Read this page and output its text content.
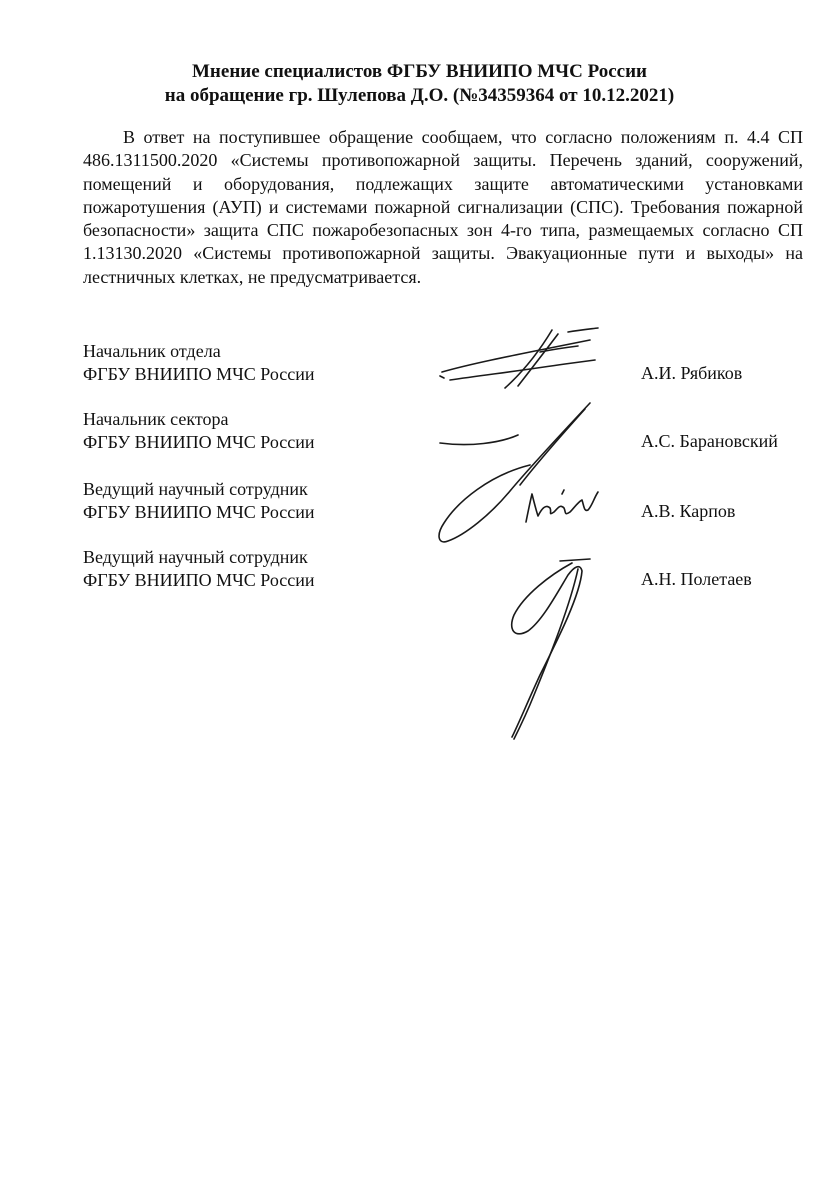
Мнение специалистов ФГБУ ВНИИПО МЧС России
на обращение гр. Шулепова Д.О. (№34359364 от 10.12.2021)

В ответ на поступившее обращение сообщаем, что согласно положениям п. 4.4 СП 486.1311500.2020 «Системы противопожарной защиты. Перечень зданий, сооружений, помещений и оборудования, подлежащих защите автоматическими установками пожаротушения (АУП) и системами пожарной сигнализации (СПС). Требования пожарной безопасности» защита СПС пожаробезопасных зон 4-го типа, размещаемых согласно СП 1.13130.2020 «Системы противопожарной защиты. Эвакуационные пути и выходы» на лестничных клетках, не предусматривается.

Начальник отдела
ФГБУ ВНИИПО МЧС России	А.И. Рябиков
Начальник сектора
ФГБУ ВНИИПО МЧС России	А.С. Барановский
Ведущий научный сотрудник
ФГБУ ВНИИПО МЧС России	А.В. Карпов
Ведущий научный сотрудник
ФГБУ ВНИИПО МЧС России	А.Н. Полетаев
